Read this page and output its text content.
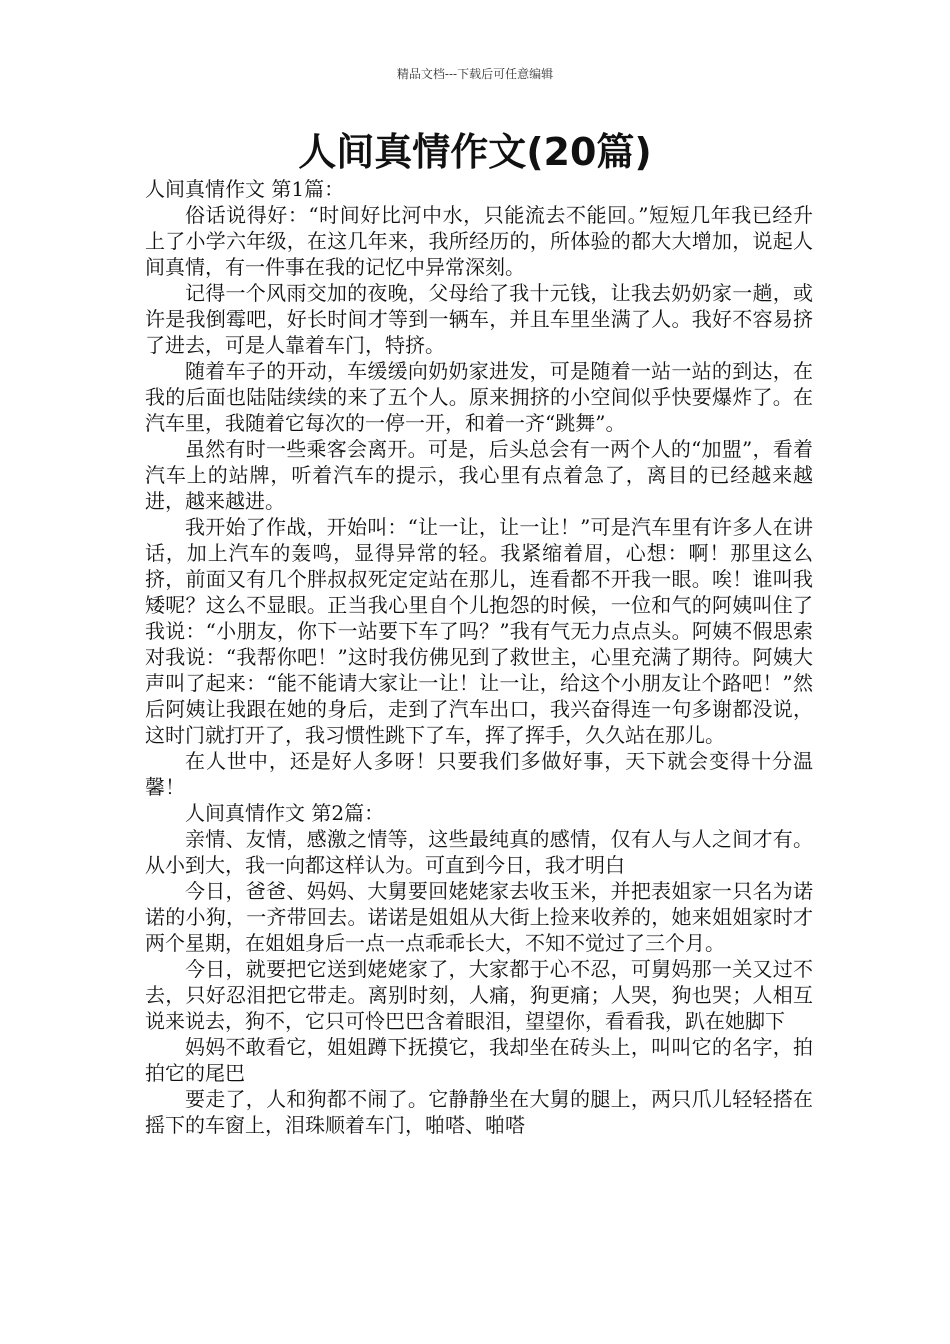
精品文档---下载后可任意编辑
人间真情作文(20篇)

人间真情作文 第1篇：

俗话说得好：“时间好比河中水，只能流去不能回。”短短几年我已经升上了小学六年级，在这几年来，我所经历的，所体验的都大大增加，说起人间真情，有一件事在我的记忆中异常深刻。

记得一个风雨交加的夜晚，父母给了我十元钱，让我去奶奶家一趟，或许是我倒霉吧，好长时间才等到一辆车，并且车里坐满了人。我好不容易挤了进去，可是人靠着车门，特挤。

随着车子的开动，车缓缓向奶奶家进发，可是随着一站一站的到达，在我的后面也陆陆续续的来了五个人。原来拥挤的小空间似乎快要爆炸了。在汽车里，我随着它每次的一停一开，和着一齐“跳舞”。

虽然有时一些乘客会离开。可是，后头总会有一两个人的“加盟”，看着汽车上的站牌，听着汽车的提示，我心里有点着急了，离目的已经越来越进，越来越进。

我开始了作战，开始叫：“让一让，让一让！”可是汽车里有许多人在讲话，加上汽车的轰鸣，显得异常的轻。我紧缩着眉，心想：啊！那里这么挤，前面又有几个胖叔叔死定定站在那儿，连看都不开我一眼。唉！谁叫我矮呢？这么不显眼。正当我心里自个儿抱怨的时候，一位和气的阿姨叫住了我说：“小朋友，你下一站要下车了吗？”我有气无力点点头。阿姨不假思索对我说：“我帮你吧！”这时我仿佛见到了救世主，心里充满了期待。阿姨大声叫了起来：“能不能请大家让一让！让一让，给这个小朋友让个路吧！”然后阿姨让我跟在她的身后，走到了汽车出口，我兴奋得连一句多谢都没说，这时门就打开了，我习惯性跳下了车，挥了挥手，久久站在那儿。

在人世中，还是好人多呀！只要我们多做好事，天下就会变得十分温馨！

人间真情作文 第2篇：

亲情、友情，感激之情等，这些最纯真的感情，仅有人与人之间才有。从小到大，我一向都这样认为。可直到今日，我才明白

今日，爸爸、妈妈、大舅要回姥姥家去收玉米，并把表姐家一只名为诺诺的小狗，一齐带回去。诺诺是姐姐从大街上捡来收养的，她来姐姐家时才两个星期，在姐姐身后一点一点乖乖长大，不知不觉过了三个月。

今日，就要把它送到姥姥家了，大家都于心不忍，可舅妈那一关又过不去，只好忍泪把它带走。离别时刻，人痛，狗更痛；人哭，狗也哭；人相互说来说去，狗不，它只可怜巴巴含着眼泪，望望你，看看我，趴在她脚下

妈妈不敢看它，姐姐蹲下抚摸它，我却坐在砖头上，叫叫它的名字，拍拍它的尾巴

要走了，人和狗都不闹了。它静静坐在大舅的腿上，两只爪儿轻轻搭在摇下的车窗上，泪珠顺着车门，啪嗒、啪嗒
